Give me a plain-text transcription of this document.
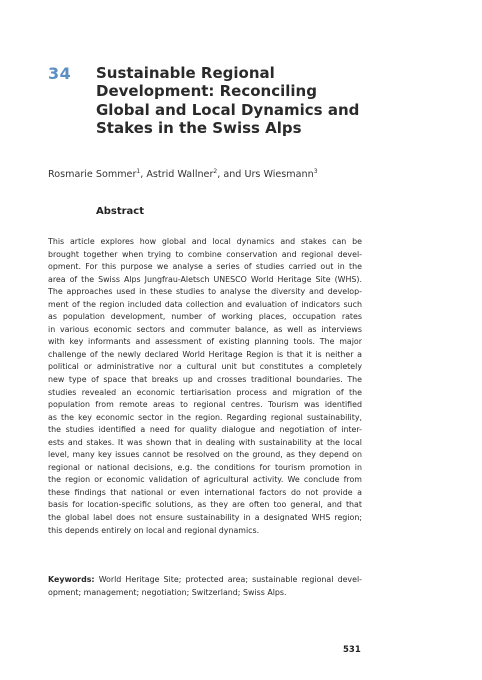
34 Sustainable Regional
Development: Reconciling
Global and Local Dynamics and
Stakes in the Swiss Alps
Rosmarie Sommer$^1$, Astrid Wallner$^2$, and Urs Wiesmann$^3$
Abstract
This article explores how global and local dynamics and stakes can be
brought together when trying to combine conservation and regional devel-
opment. For this purpose we analyse a series of studies carried out in the
area of the Swiss Alps Jungfrau-Aletsch UNESCO World Heritage Site (WHS).
The approaches used in these studies to analyse the diversity and develop-
ment of the region included data collection and evaluation of indicators such
as population development, number of working places, occupation rates
in various economic sectors and commuter balance, as well as interviews
with key informants and assessment of existing planning tools. The major
challenge of the newly declared World Heritage Region is that it is neither a
political or administrative nor a cultural unit but constitutes a completely
new type of space that breaks up and crosses traditional boundaries. The
studies revealed an economic tertiarisation process and migration of the
population from remote areas to regional centres. Tourism was identified
as the key economic sector in the region. Regarding regional sustainability,
the studies identified a need for quality dialogue and negotiation of inter-
ests and stakes. It was shown that in dealing with sustainability at the local
level, many key issues cannot be resolved on the ground, as they depend on
regional or national decisions, e.g. the conditions for tourism promotion in
the region or economic validation of agricultural activity. We conclude from
these findings that national or even international factors do not provide a
basis for location-specific solutions, as they are often too general, and that
the global label does not ensure sustainability in a designated WHS region;
this depends entirely on local and regional dynamics.
Keywords: World Heritage Site; protected area; sustainable regional devel-
opment; management; negotiation; Switzerland; Swiss Alps.
531
